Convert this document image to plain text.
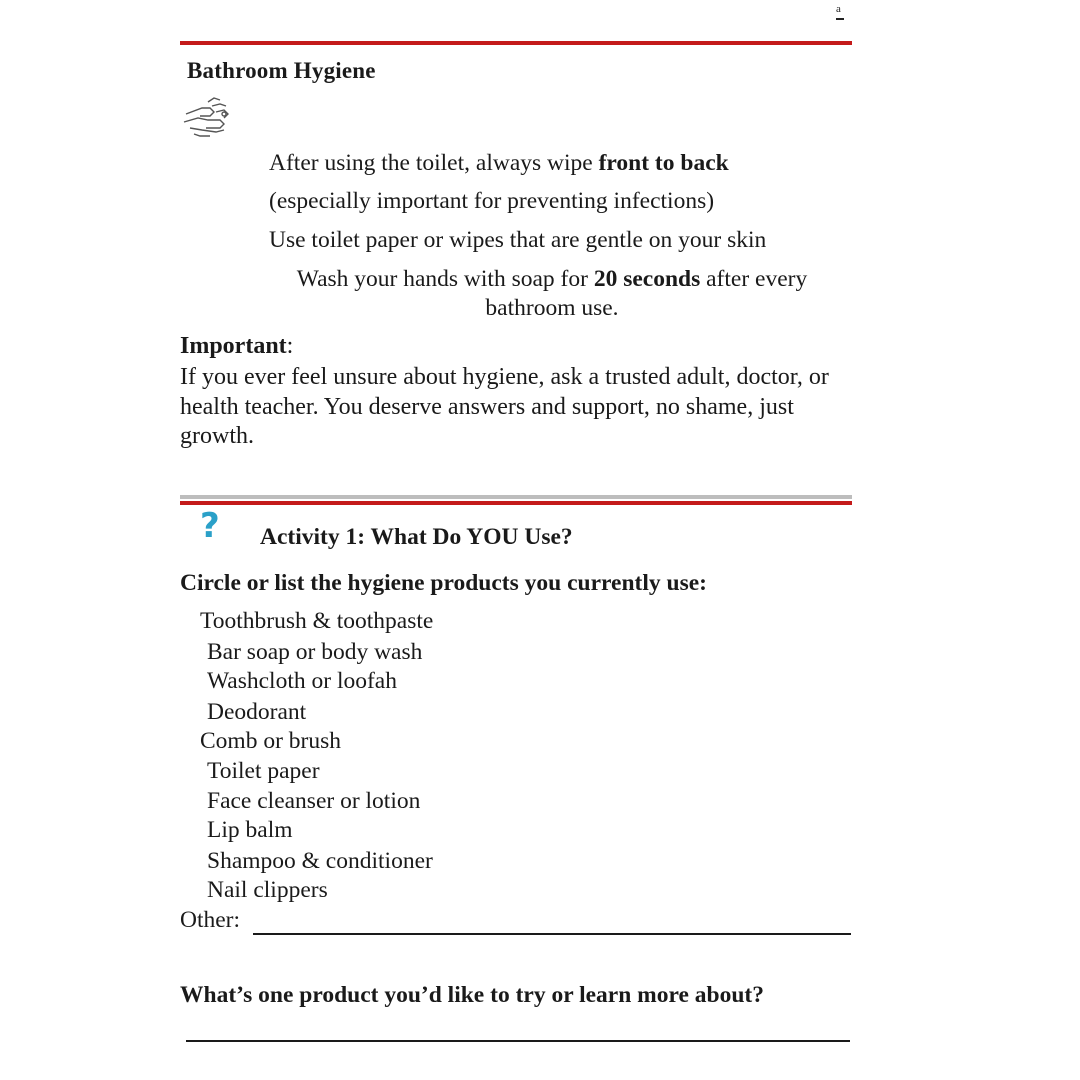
a
Bathroom Hygiene
After using the toilet, always wipe front to back
(especially important for preventing infections)
Use toilet paper or wipes that are gentle on your skin
Wash your hands with soap for 20 seconds after every bathroom use.
Important:
If you ever feel unsure about hygiene, ask a trusted adult, doctor, or health teacher. You deserve answers and support, no shame, just growth.
? Activity 1: What Do YOU Use?
Circle or list the hygiene products you currently use:
Toothbrush & toothpaste
Bar soap or body wash
Washcloth or loofah
Deodorant
Comb or brush
Toilet paper
Face cleanser or lotion
Lip balm
Shampoo & conditioner
Nail clippers
Other:
What’s one product you’d like to try or learn more about?
